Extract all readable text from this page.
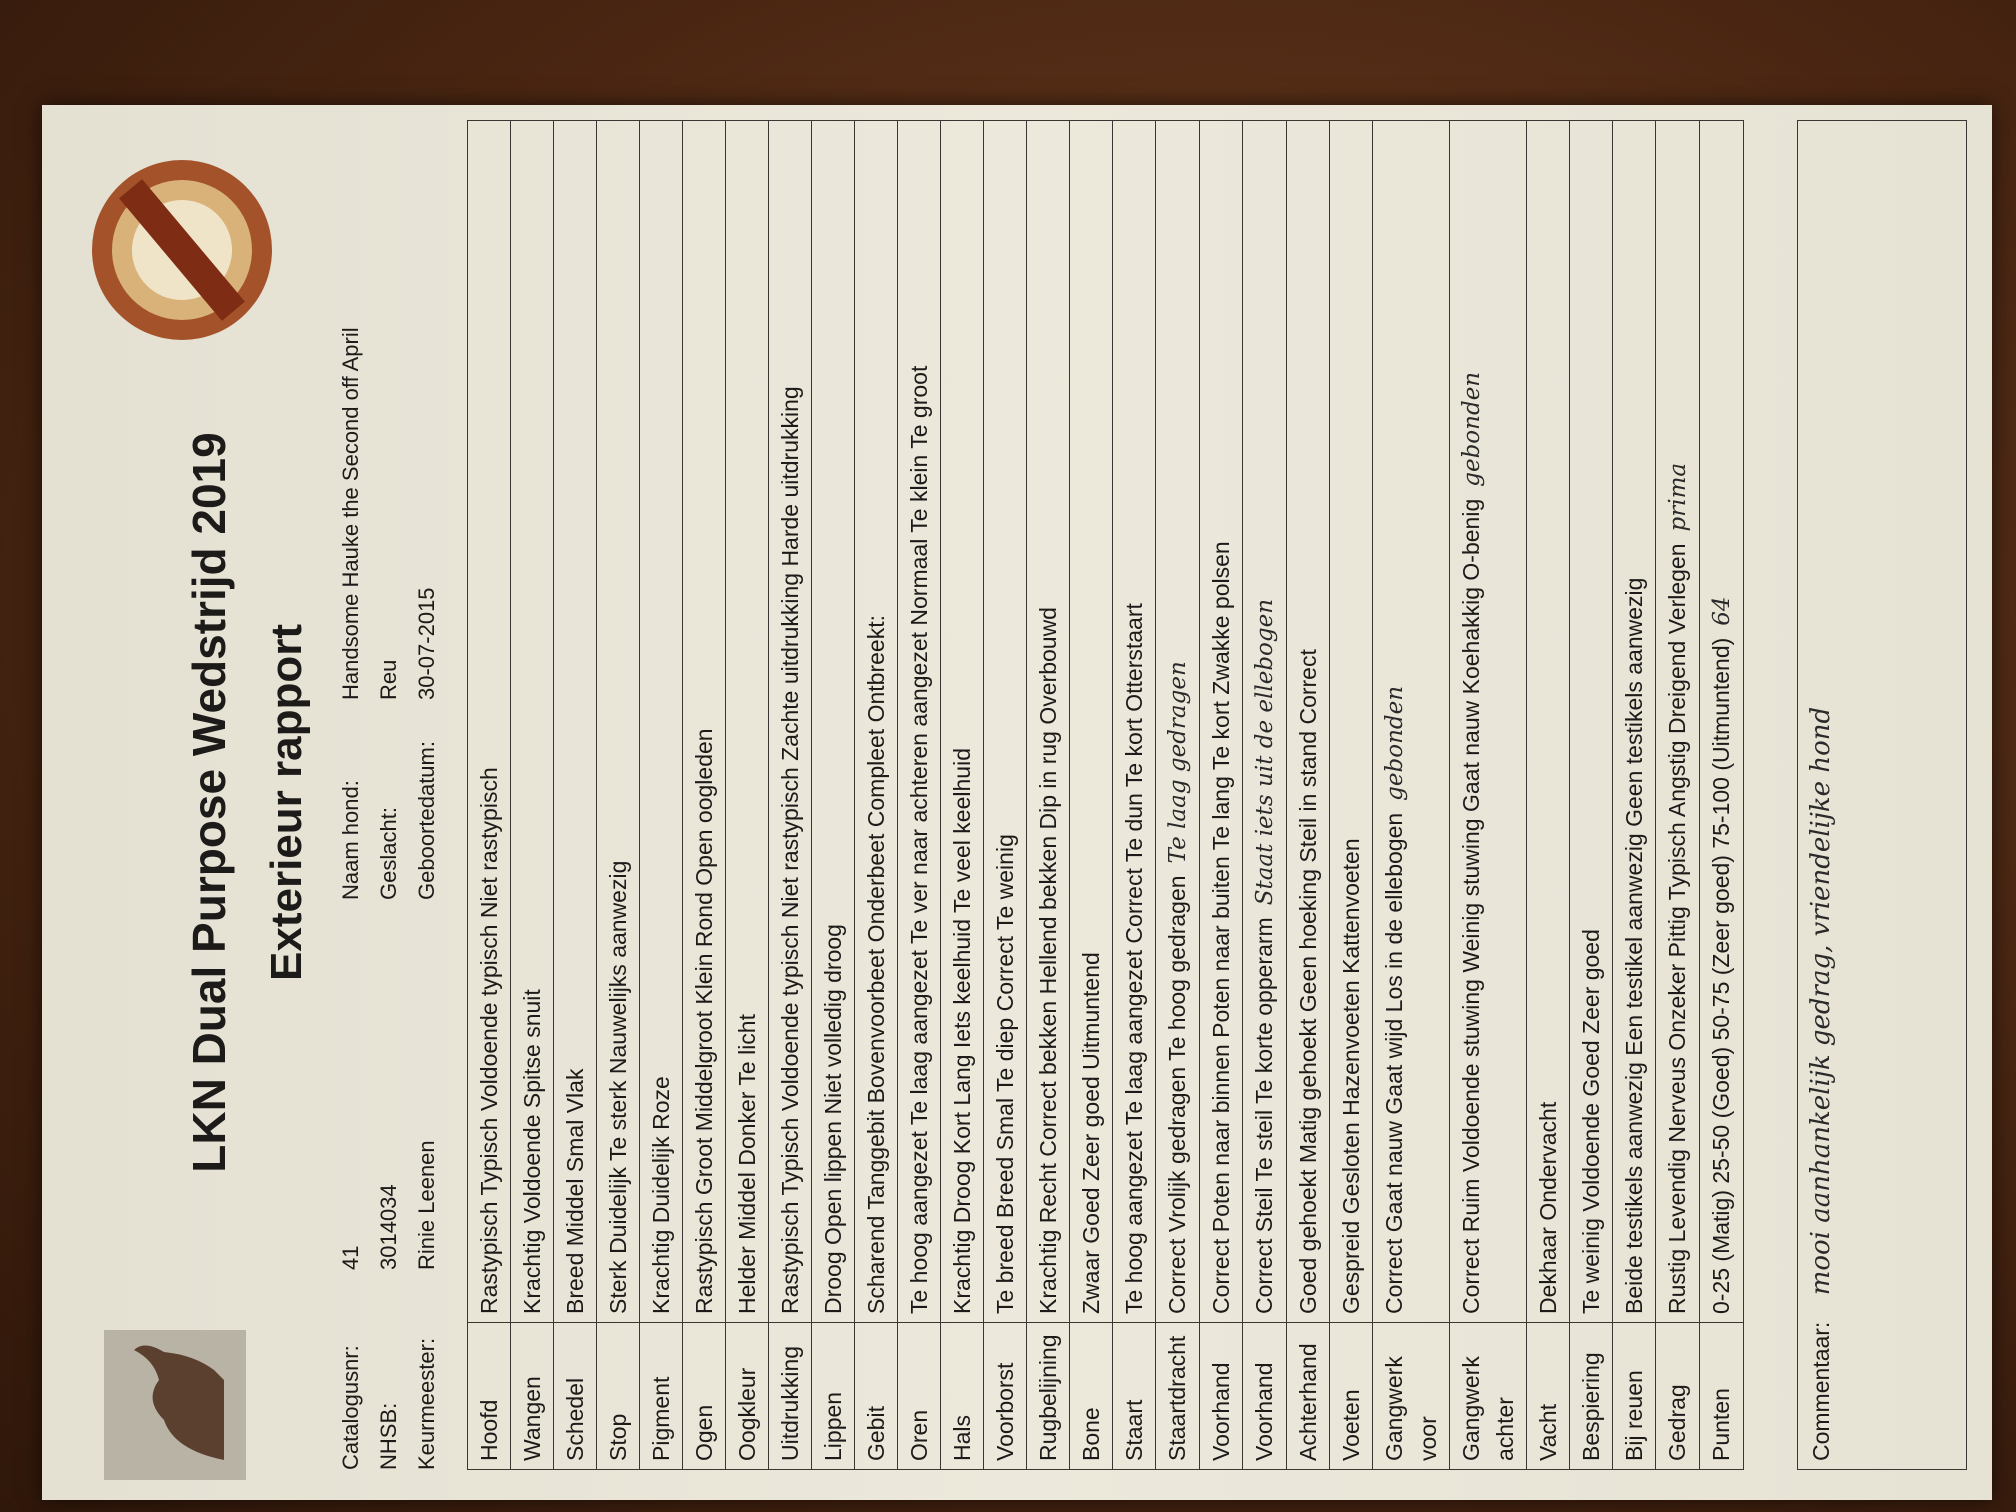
LKN Dual Purpose Wedstrijd 2019 Exterieur rapport
Catalogusnr:
41
NHSB:
3014034
Keurmeester:
Rinie Leenen
Naam hond:
Handsome Hauke the Second off April
Geslacht:
Reu
Geboortedatum:
30-07-2015
Hoofd	Rastypisch Typisch Voldoende typisch Niet rastypisch
Wangen	Krachtig Voldoende Spitse snuit
Schedel	Breed Middel Smal Vlak
Stop	Sterk Duidelijk Te sterk Nauwelijks aanwezig
Pigment	Krachtig Duidelijk Roze
Ogen	Rastypisch Groot Middelgroot Klein Rond Open oogleden
Oogkleur	Helder Middel Donker Te licht
Uitdrukking	Rastypisch Typisch Voldoende typisch Niet rastypisch Zachte uitdrukking Harde uitdrukking
Lippen	Droog Open lippen Niet volledig droog
Gebit	Scharend Tanggebit Bovenvoorbeet Onderbeet Compleet Ontbreekt:
Oren	Te hoog aangezet Te laag aangezet Te ver naar achteren aangezet Normaal Te klein Te groot
Hals	Krachtig Droog Kort Lang Iets keelhuid Te veel keelhuid
Voorborst	Te breed Breed Smal Te diep Correct Te weinig
Rugbelijning	Krachtig Recht Correct bekken Hellend bekken Dip in rug Overbouwd
Bone	Zwaar Goed Zeer goed Uitmuntend
Staart	Te hoog aangezet Te laag aangezet Correct Te dun Te kort Otterstaart
Staartdracht	Correct Vrolijk gedragen Te hoog gedragenTe laag gedragen
Voorhand	Correct Poten naar binnen Poten naar buiten Te lang Te kort Zwakke polsen
Voorhand	Correct Steil Te steil Te korte opperarmStaat iets uit de ellebogen
Achterhand	Goed gehoekt Matig gehoekt Geen hoeking Steil in stand Correct
Voeten	Gespreid Gesloten Hazenvoeten Kattenvoeten
Gangwerk voor	Correct Gaat nauw Gaat wijd Los in de ellebogengebonden
Gangwerk achter	Correct Ruim Voldoende stuwing Weinig stuwing Gaat nauw Koehakkig O-beniggebonden
Vacht	Dekhaar Ondervacht
Bespiering	Te weinig Voldoende Goed Zeer goed
Bij reuen	Beide testikels aanwezig Een testikel aanwezig Geen testikels aanwezig
Gedrag	Rustig Levendig Nerveus Onzeker Pittig Typisch Angstig Dreigend Verlegenprima
Punten	0-25 (Matig) 25-50 (Goed) 50-75 (Zeer goed) 75-100 (Uitmuntend)64
Commentaar: mooi aanhankelijk gedrag, vriendelijke hond
